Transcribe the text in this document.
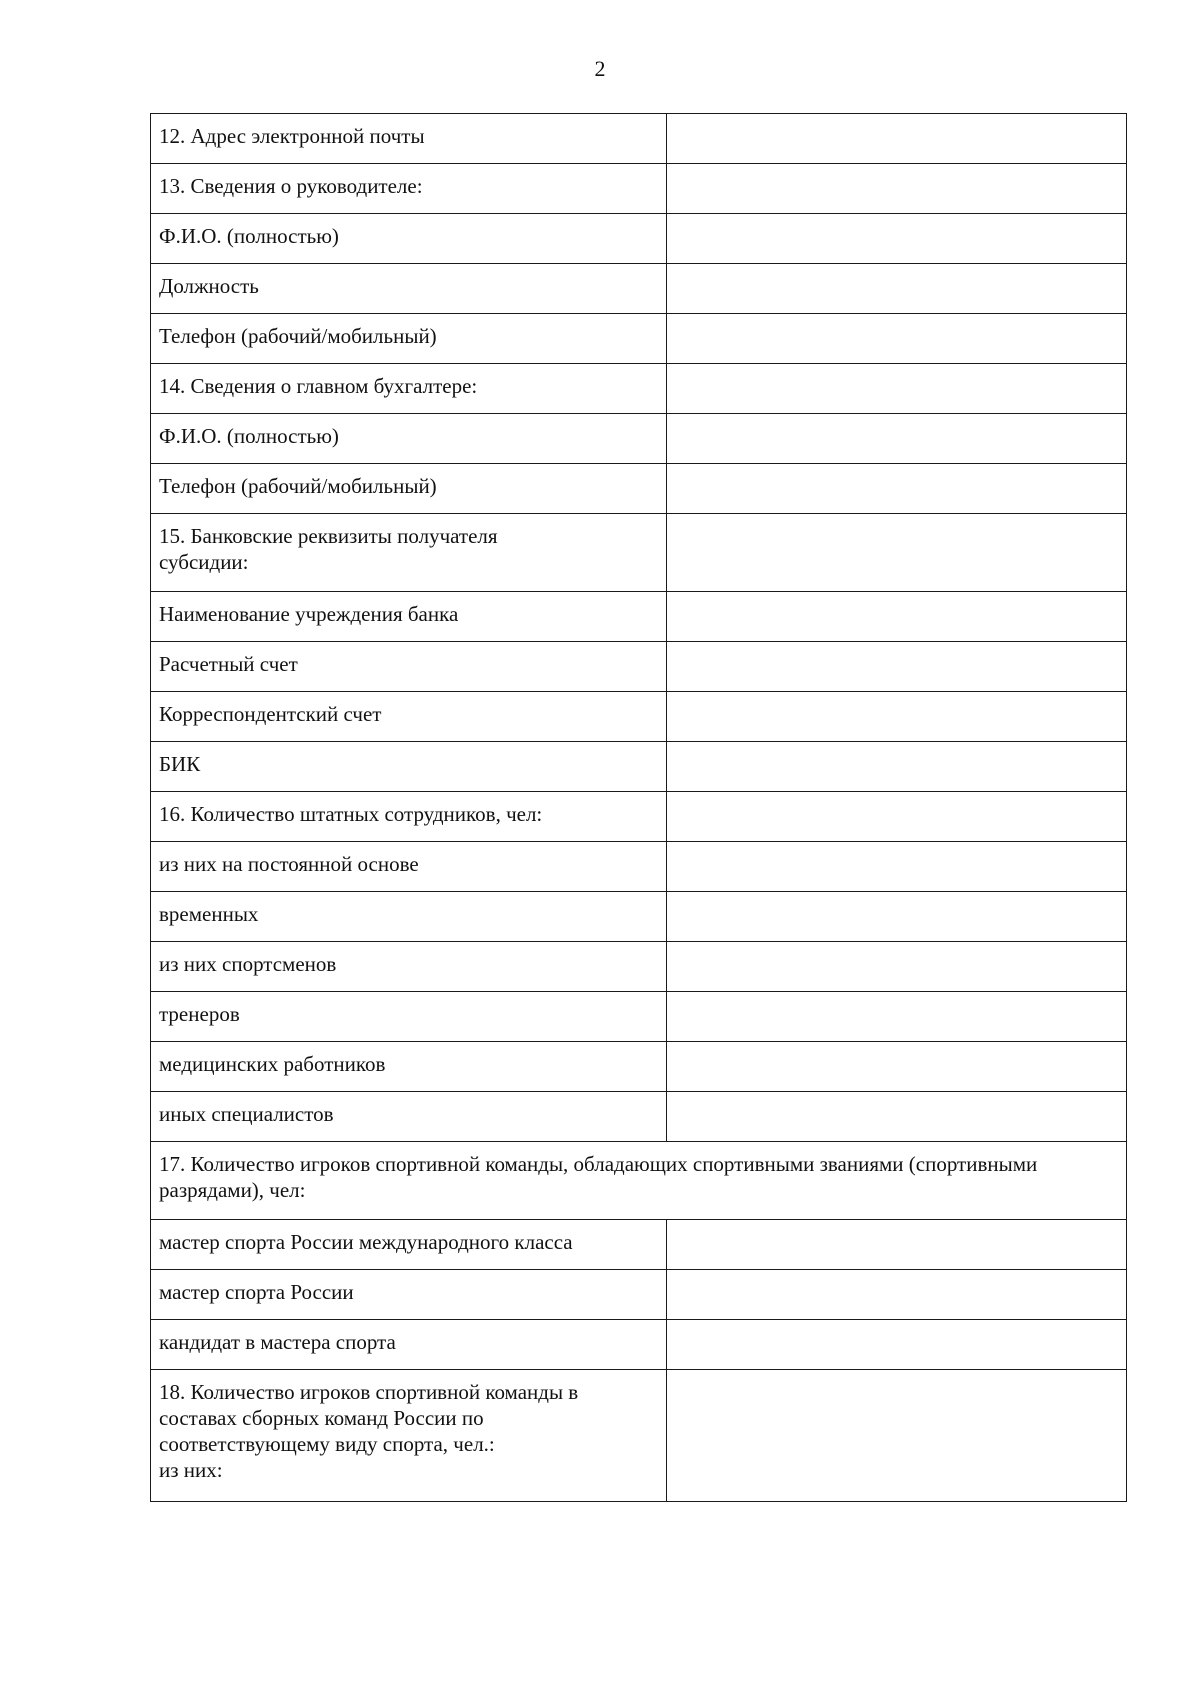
2
12. Адрес электронной почты	

13. Сведения о руководителе:	

Ф.И.О. (полностью)	

Должность	

Телефон (рабочий/мобильный)	

14. Сведения о главном бухгалтере:	

Ф.И.О. (полностью)	

Телефон (рабочий/мобильный)	

15. Банковские реквизиты получателя
субсидии:	

Наименование учреждения банка	

Расчетный счет	

Корреспондентский счет	

БИК	

16. Количество штатных сотрудников, чел:	

из них на постоянной основе	

временных	

из них спортсменов	

тренеров	

медицинских работников	

иных специалистов	

17. Количество игроков спортивной команды, обладающих спортивными званиями (спортивными разрядами), чел:	

мастер спорта России международного класса	

мастер спорта России	

кандидат в мастера спорта	

18. Количество игроков спортивной команды в
составах сборных команд России по
соответствующему виду спорта, чел.:
из них:	
